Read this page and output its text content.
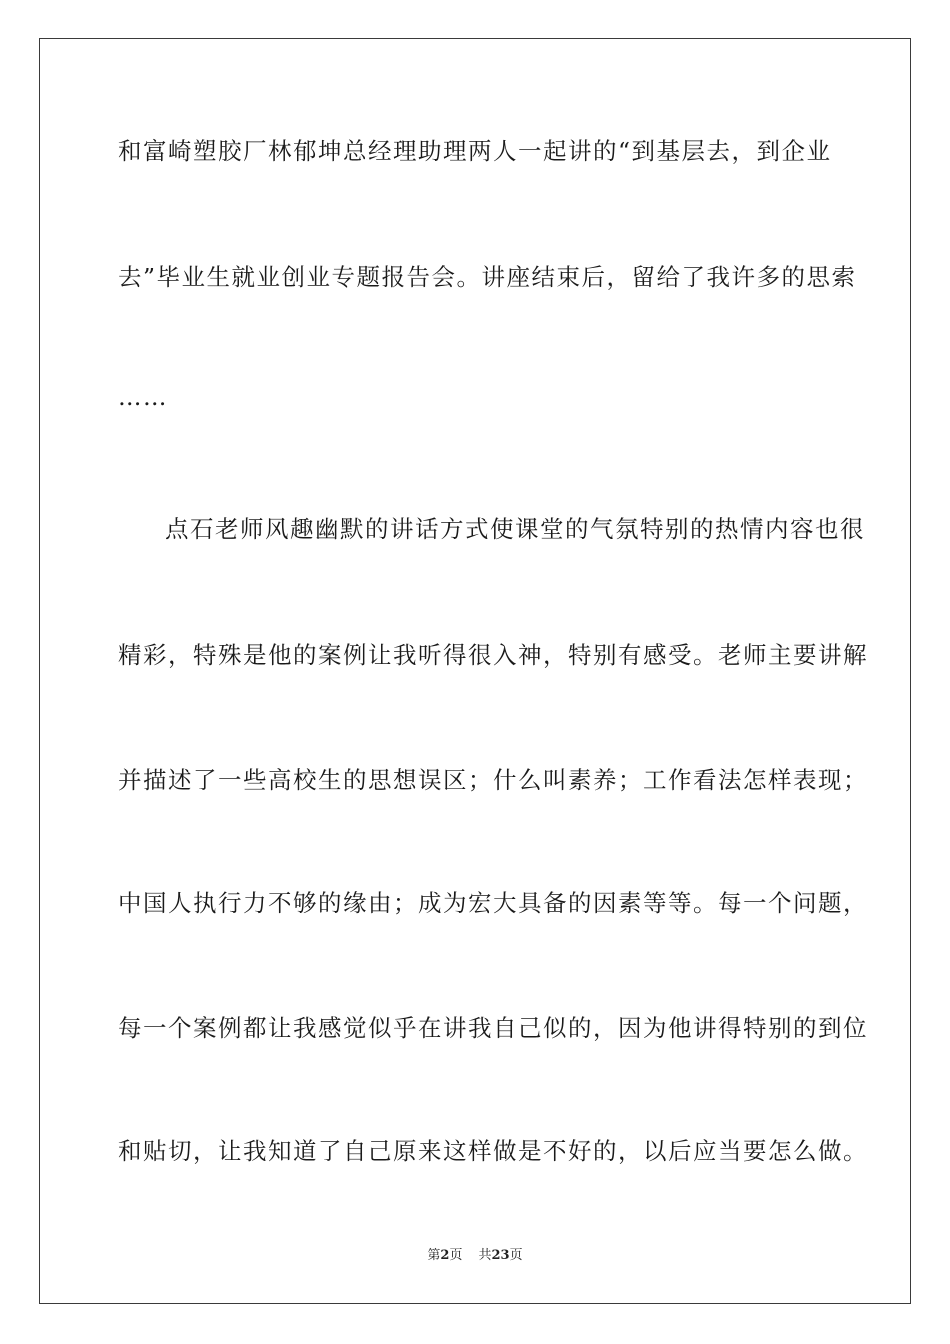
和富崎塑胶厂林郁坤总经理助理两人一起讲的“到基层去，到企业
去”毕业生就业创业专题报告会。讲座结束后，留给了我许多的思索
……
点石老师风趣幽默的讲话方式使课堂的气氛特别的热情内容也很
精彩，特殊是他的案例让我听得很入神，特别有感受。老师主要讲解
并描述了一些高校生的思想误区；什么叫素养；工作看法怎样表现；
中国人执行力不够的缘由；成为宏大具备的因素等等。每一个问题，
每一个案例都让我感觉似乎在讲我自己似的，因为他讲得特别的到位
和贴切，让我知道了自己原来这样做是不好的，以后应当要怎么做。
第2页 共23页
